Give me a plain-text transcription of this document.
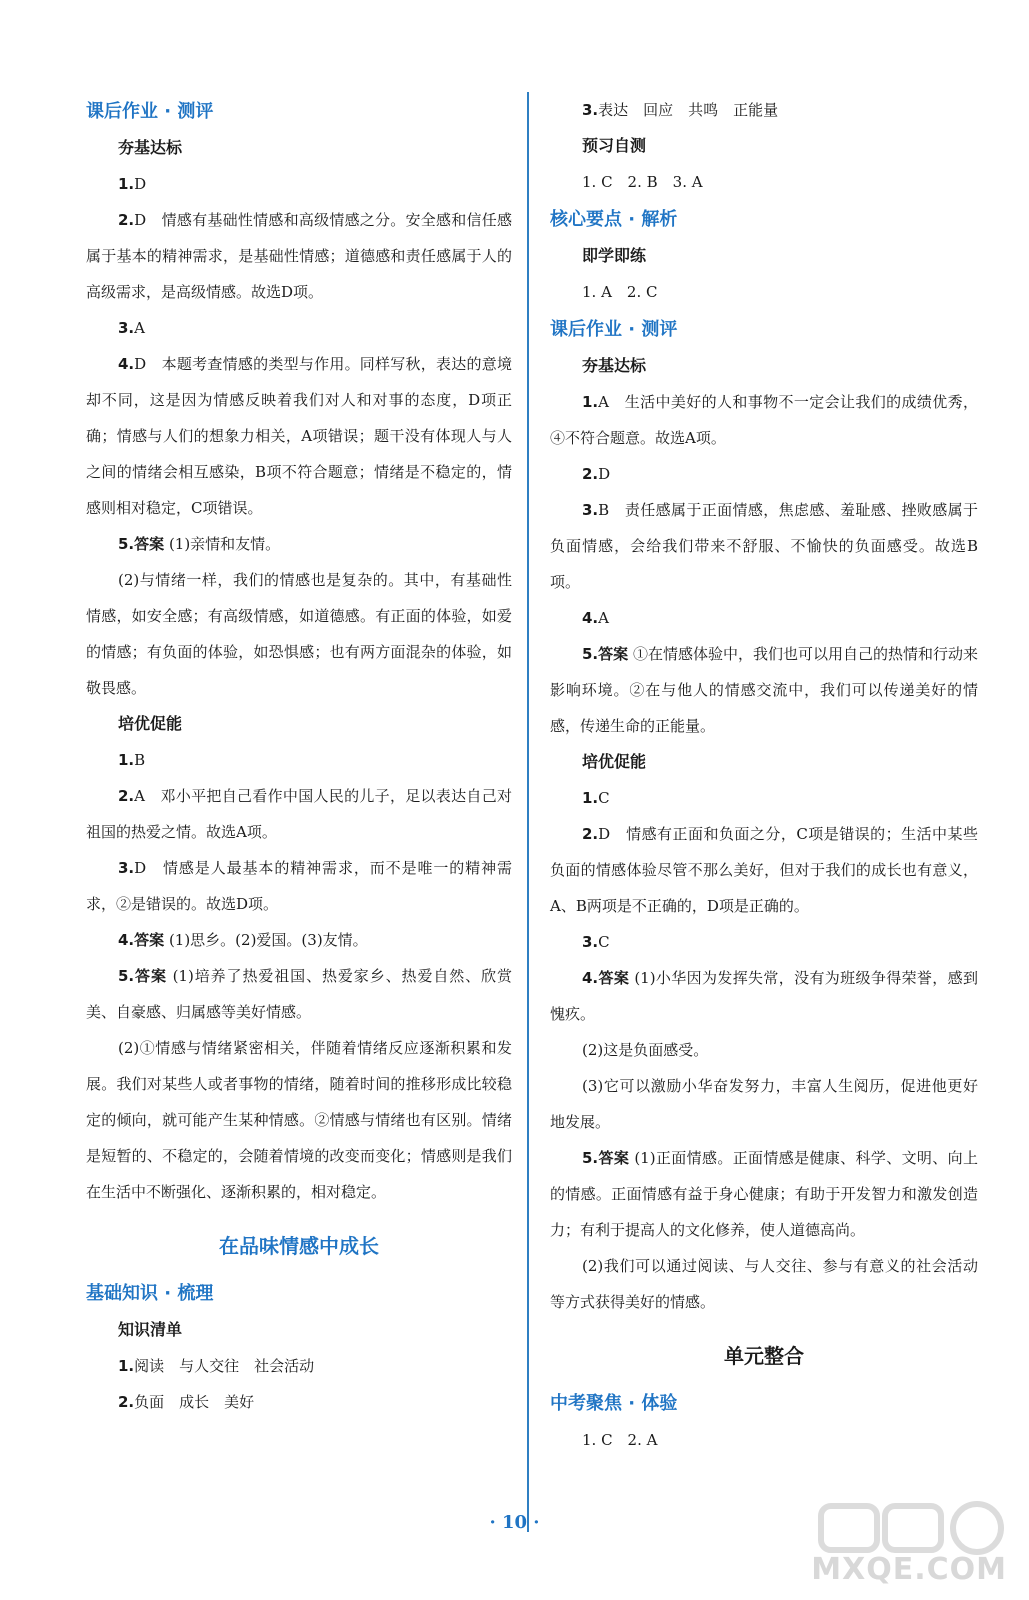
课后作业 · 测评
夯基达标
1.D
2.D　情感有基础性情感和高级情感之分。安全感和信任感属于基本的精神需求，是基础性情感；道德感和责任感属于人的高级需求，是高级情感。故选D项。
3.A
4.D　本题考查情感的类型与作用。同样写秋，表达的意境却不同，这是因为情感反映着我们对人和对事的态度，D项正确；情感与人们的想象力相关，A项错误；题干没有体现人与人之间的情绪会相互感染，B项不符合题意；情绪是不稳定的，情感则相对稳定，C项错误。
5.答案 (1)亲情和友情。
(2)与情绪一样，我们的情感也是复杂的。其中，有基础性情感，如安全感；有高级情感，如道德感。有正面的体验，如爱的情感；有负面的体验，如恐惧感；也有两方面混杂的体验，如敬畏感。
培优促能
1.B
2.A　邓小平把自己看作中国人民的儿子，足以表达自己对祖国的热爱之情。故选A项。
3.D　情感是人最基本的精神需求，而不是唯一的精神需求，②是错误的。故选D项。
4.答案 (1)思乡。(2)爱国。(3)友情。
5.答案 (1)培养了热爱祖国、热爱家乡、热爱自然、欣赏美、自豪感、归属感等美好情感。
(2)①情感与情绪紧密相关，伴随着情绪反应逐渐积累和发展。我们对某些人或者事物的情绪，随着时间的推移形成比较稳定的倾向，就可能产生某种情感。②情感与情绪也有区别。情绪是短暂的、不稳定的，会随着情境的改变而变化；情感则是我们在生活中不断强化、逐渐积累的，相对稳定。
在品味情感中成长
基础知识 · 梳理
知识清单
1.阅读　与人交往　社会活动
2.负面　成长　美好
3.表达　回应　共鸣　正能量
预习自测
1. C　2. B　3. A
核心要点 · 解析
即学即练
1. A　2. C
课后作业 · 测评
夯基达标
1.A　生活中美好的人和事物不一定会让我们的成绩优秀，④不符合题意。故选A项。
2.D
3.B　责任感属于正面情感，焦虑感、羞耻感、挫败感属于负面情感，会给我们带来不舒服、不愉快的负面感受。故选B项。
4.A
5.答案 ①在情感体验中，我们也可以用自己的热情和行动来影响环境。②在与他人的情感交流中，我们可以传递美好的情感，传递生命的正能量。
培优促能
1.C
2.D　情感有正面和负面之分，C项是错误的；生活中某些负面的情感体验尽管不那么美好，但对于我们的成长也有意义，A、B两项是不正确的，D项是正确的。
3.C
4.答案 (1)小华因为发挥失常，没有为班级争得荣誉，感到愧疚。
(2)这是负面感受。
(3)它可以激励小华奋发努力，丰富人生阅历，促进他更好地发展。
5.答案 (1)正面情感。正面情感是健康、科学、文明、向上的情感。正面情感有益于身心健康；有助于开发智力和激发创造力；有利于提高人的文化修养，使人道德高尚。
(2)我们可以通过阅读、与人交往、参与有意义的社会活动等方式获得美好的情感。
单元整合
中考聚焦 · 体验
1. C　2. A
· 10 ·
MXQE.COM
